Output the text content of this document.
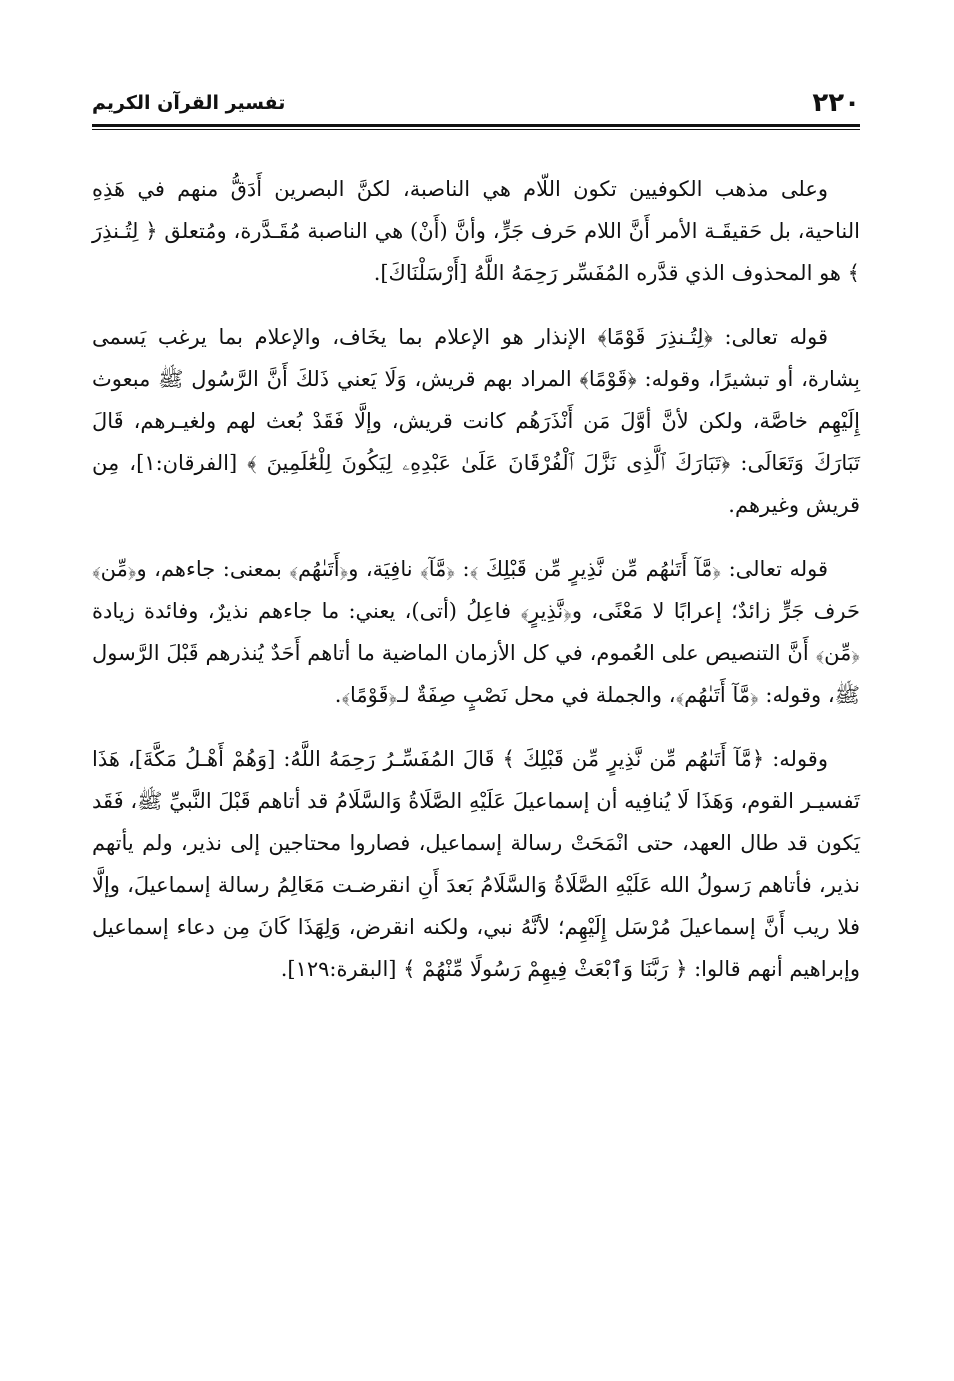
٢٢٠
تفسير القرآن الكريم

وعلى مذهب الكوفيين تكون اللّام هي الناصبة، لكنَّ البصرين أَدَقُّ منهم في هَذِهِ الناحية، بل حَقيقَـة الأمر أَنَّ اللام حَرف جَرٍّ، وأنَّ (أَنْ) هي الناصبة مُقَـدَّرة، ومُتعلق ﴿ لِتُـنذِرَ ﴾ هو المحذوف الذي قدَّره المُفَسِّر رَحِمَهُ اللَّهُ [أَرْسَلْنَاكَ].

قوله تعالى: ﴿لِتُـنذِرَ قَوْمًا﴾ الإنذار هو الإعلام بما يخَاف، والإعلام بما يرغب يَسمى بِشارة، أو تبشيرًا، وقوله: ﴿قَوْمًا﴾ المراد بهم قريش، وَلَا يَعني ذَلكَ أَنَّ الرَّسُول ﷺ مبعوث إِلَيْهِم خاصَّة، ولكن لأنَّ أوَّلَ مَن أَنْذَرَهُم كانت قريش، وإلَّا فَقَدْ بُعث لهم ولغيـرهم، قَالَ تَبَارَكَ وَتَعَالَى: ﴿تَبَارَكَ ٱلَّذِى نَزَّلَ ٱلْفُرْقَانَ عَلَىٰ عَبْدِهِۦ لِيَكُونَ لِلْعَٰلَمِينَ ﴾ [الفرقان:١]، مِن قريش وغيرهم.

قوله تعالى: ﴿مَّآ أَتَىٰهُم مِّن نَّذِيرٍ مِّن قَبْلِكَ ﴾: ﴿مَّآ﴾ نافِيَة، و﴿أَتَىٰهُم﴾ بمعنى: جاءهم، و﴿مِّن﴾ حَرف جَرٍّ زائدٌ؛ إعرابًا لا مَعْنًى، و﴿نَّذِيرٍ﴾ فاعِلُ (أتى)، يعني: ما جاءهم نذيرٌ، وفائدة زيادة ﴿مِّن﴾ أَنَّ التنصيص على العُموم، في كل الأزمان الماضية ما أتاهم أَحَدٌ يُنذرهم قَبْلَ الرَّسول ﷺ، وقوله: ﴿مَّآ أَتَىٰهُم﴾، والجملة في محل نَصْبٍ صِفَةٌ لـ﴿قَوْمًا﴾.

وقوله: ﴿مَّآ أَتَىٰهُم مِّن نَّذِيرٍ مِّن قَبْلِكَ ﴾ قَالَ المُفَسِّـرُ رَحِمَهُ اللَّهُ: [وَهُمْ أَهْـلُ مَكَّةَ]، هَذَا تَفسيـر القوم، وَهَذَا لَا يُنافِيه أن إسماعيلَ عَلَيْهِ الصَّلَاةُ وَالسَّلَامُ قد أتاهم قَبْلَ النَّبيِّ ﷺ، فَقَد يَكون قد طال العهد، حتى انْمَحَتْ رسالة إسماعيل، فصاروا محتاجين إلى نذير، ولم يأتهم نذير، فأتاهم رَسولُ الله عَلَيْهِ الصَّلَاةُ وَالسَّلَامُ بَعدَ أَنِ انقرضـت مَعَالِمُ رسالة إسماعيلَ، وإلَّا فلا ريب أَنَّ إسماعيلَ مُرْسَل إِلَيْهِم؛ لأنَّهُ نبي، ولكنه انقرض، وَلِهَذَا كَانَ مِن دعاء إسماعيل وإبراهيم أنهم قالوا: ﴿ رَبَّنَا وَٱبْعَثْ فِيهِمْ رَسُولًا مِّنْهُمْ ﴾ [البقرة:١٢٩].
